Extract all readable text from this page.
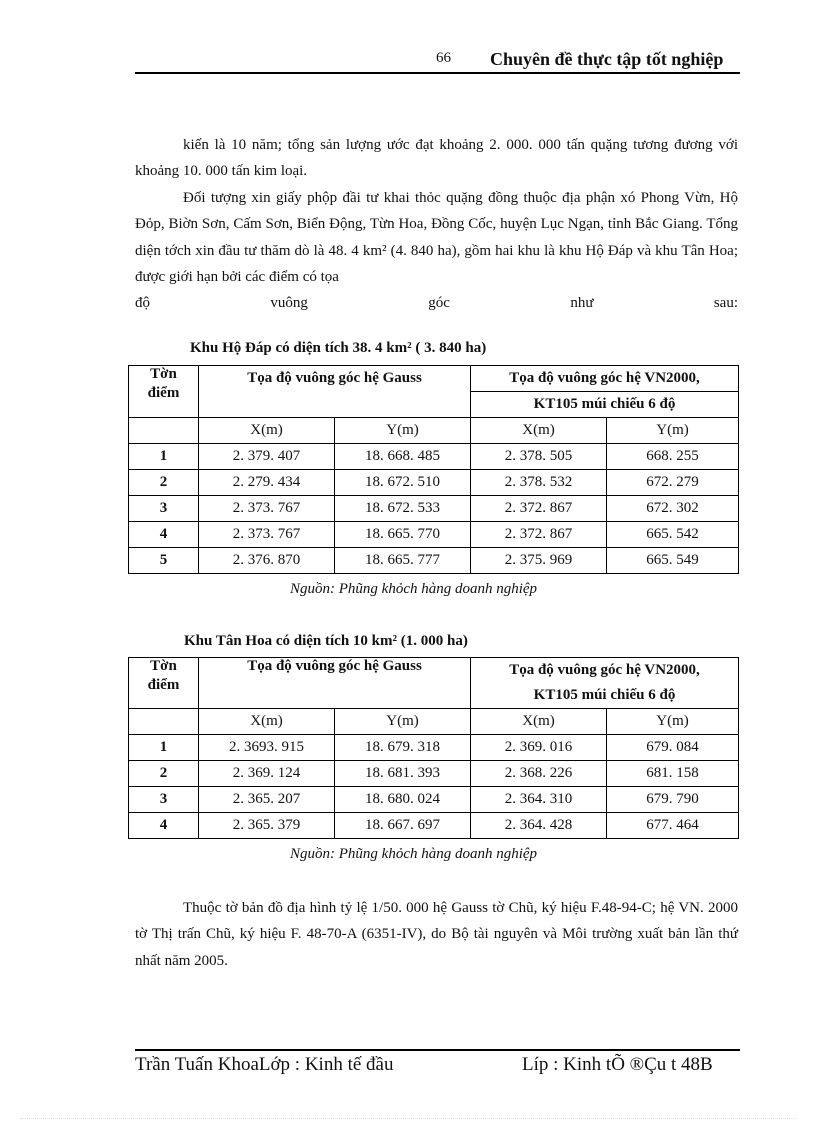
66 Chuyên đề thực tập tốt nghiệp

kiến là 10 năm; tổng sản lượng ước đạt khoảng 2. 000. 000 tấn quặng tương đương với khoảng 10. 000 tấn kim loại.

Đối tượng xin giấy phộp đầi tư khai thỏc quặng đồng thuộc địa phận xó Phong Vừn, Hộ Đỏp, Biờn Sơn, Cấm Sơn, Biển Động, Từn Hoa, Đồng Cốc, huyện Lục Ngạn, tỉnh Bắc Giang. Tổng diện tớch xin đầu tư thăm dò là 48. 4 km² (4. 840 ha), gồm hai khu là khu Hộ Đáp và khu Tân Hoa; được giới hạn bởi các điểm có tọa

độ vuông góc như sau:

Khu Hộ Đáp có diện tích 38. 4 km² ( 3. 840 ha)
Tờn
điểm	Tọa độ vuông góc hệ Gauss		Tọa độ vuông góc hệ VN2000,	
			KT105 múi chiếu 6 độ	
	X(m)	Y(m)	X(m)	Y(m)
1	2. 379. 407	18. 668. 485	2. 378. 505	668. 255
2	2. 279. 434	18. 672. 510	2. 378. 532	672. 279
3	2. 373. 767	18. 672. 533	2. 372. 867	672. 302
4	2. 373. 767	18. 665. 770	2. 372. 867	665. 542
5	2. 376. 870	18. 665. 777	2. 375. 969	665. 549
Nguồn: Phũng khỏch hàng doanh nghiệp
Khu Tân Hoa có diện tích 10 km² (1. 000 ha)
Tờn
điểm	Tọa độ vuông góc hệ Gauss		Tọa độ vuông góc hệ VN2000,	
			KT105 múi chiếu 6 độ	
	X(m)	Y(m)	X(m)	Y(m)
1	2. 3693. 915	18. 679. 318	2. 369. 016	679. 084
2	2. 369. 124	18. 681. 393	2. 368. 226	681. 158
3	2. 365. 207	18. 680. 024	2. 364. 310	679. 790
4	2. 365. 379	18. 667. 697	2. 364. 428	677. 464
Nguồn: Phũng khỏch hàng doanh nghiệp

Thuộc tờ bản đồ địa hình tỷ lệ 1/50. 000 hệ Gauss tờ Chũ, ký hiệu F.48-94-C; hệ VN. 2000 tờ Thị trấn Chũ, ký hiệu F. 48-70-A (6351-IV), do Bộ tài nguyên và Môi trường xuất bản lần thứ nhất năm 2005.

Trần Tuấn KhoaLớp : Kinh tế đầu	Líp : Kinh tÕ ®Çu t 48B
